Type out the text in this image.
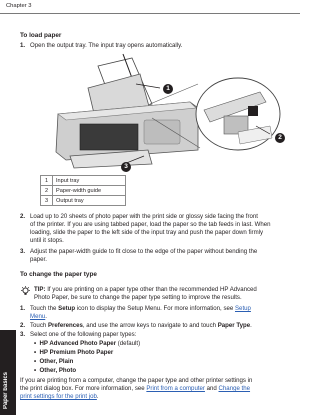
Chapter 3
To load paper
1. Open the output tray. The input tray opens automatically.
1
2
3
1	Input tray
2	Paper-width guide
3	Output tray
2. Load up to 20 sheets of photo paper with the print side or glossy side facing the front
of the printer. If you are using tabbed paper, load the paper so the tab feeds in last. When
loading, slide the paper to the left side of the input tray and push the paper down firmly
until it stops.
3. Adjust the paper-width guide to fit close to the edge of the paper without bending the
paper.
To change the paper type
TIP: If you are printing on a paper type other than the recommended HP Advanced
Photo Paper, be sure to change the paper type setting to improve the results.
1. Touch the Setup icon to display the Setup Menu. For more information, see Setup
Menu.
2. Touch Preferences, and use the arrow keys to navigate to and touch Paper Type.
3. Select one of the following paper types:
• HP Advanced Photo Paper (default)
• HP Premium Photo Paper
• Other, Plain
• Other, Photo
If you are printing from a computer, change the paper type and other printer settings in
the print dialog box. For more information, see Print from a computer and Change the
print settings for the print job.
Paper basics
